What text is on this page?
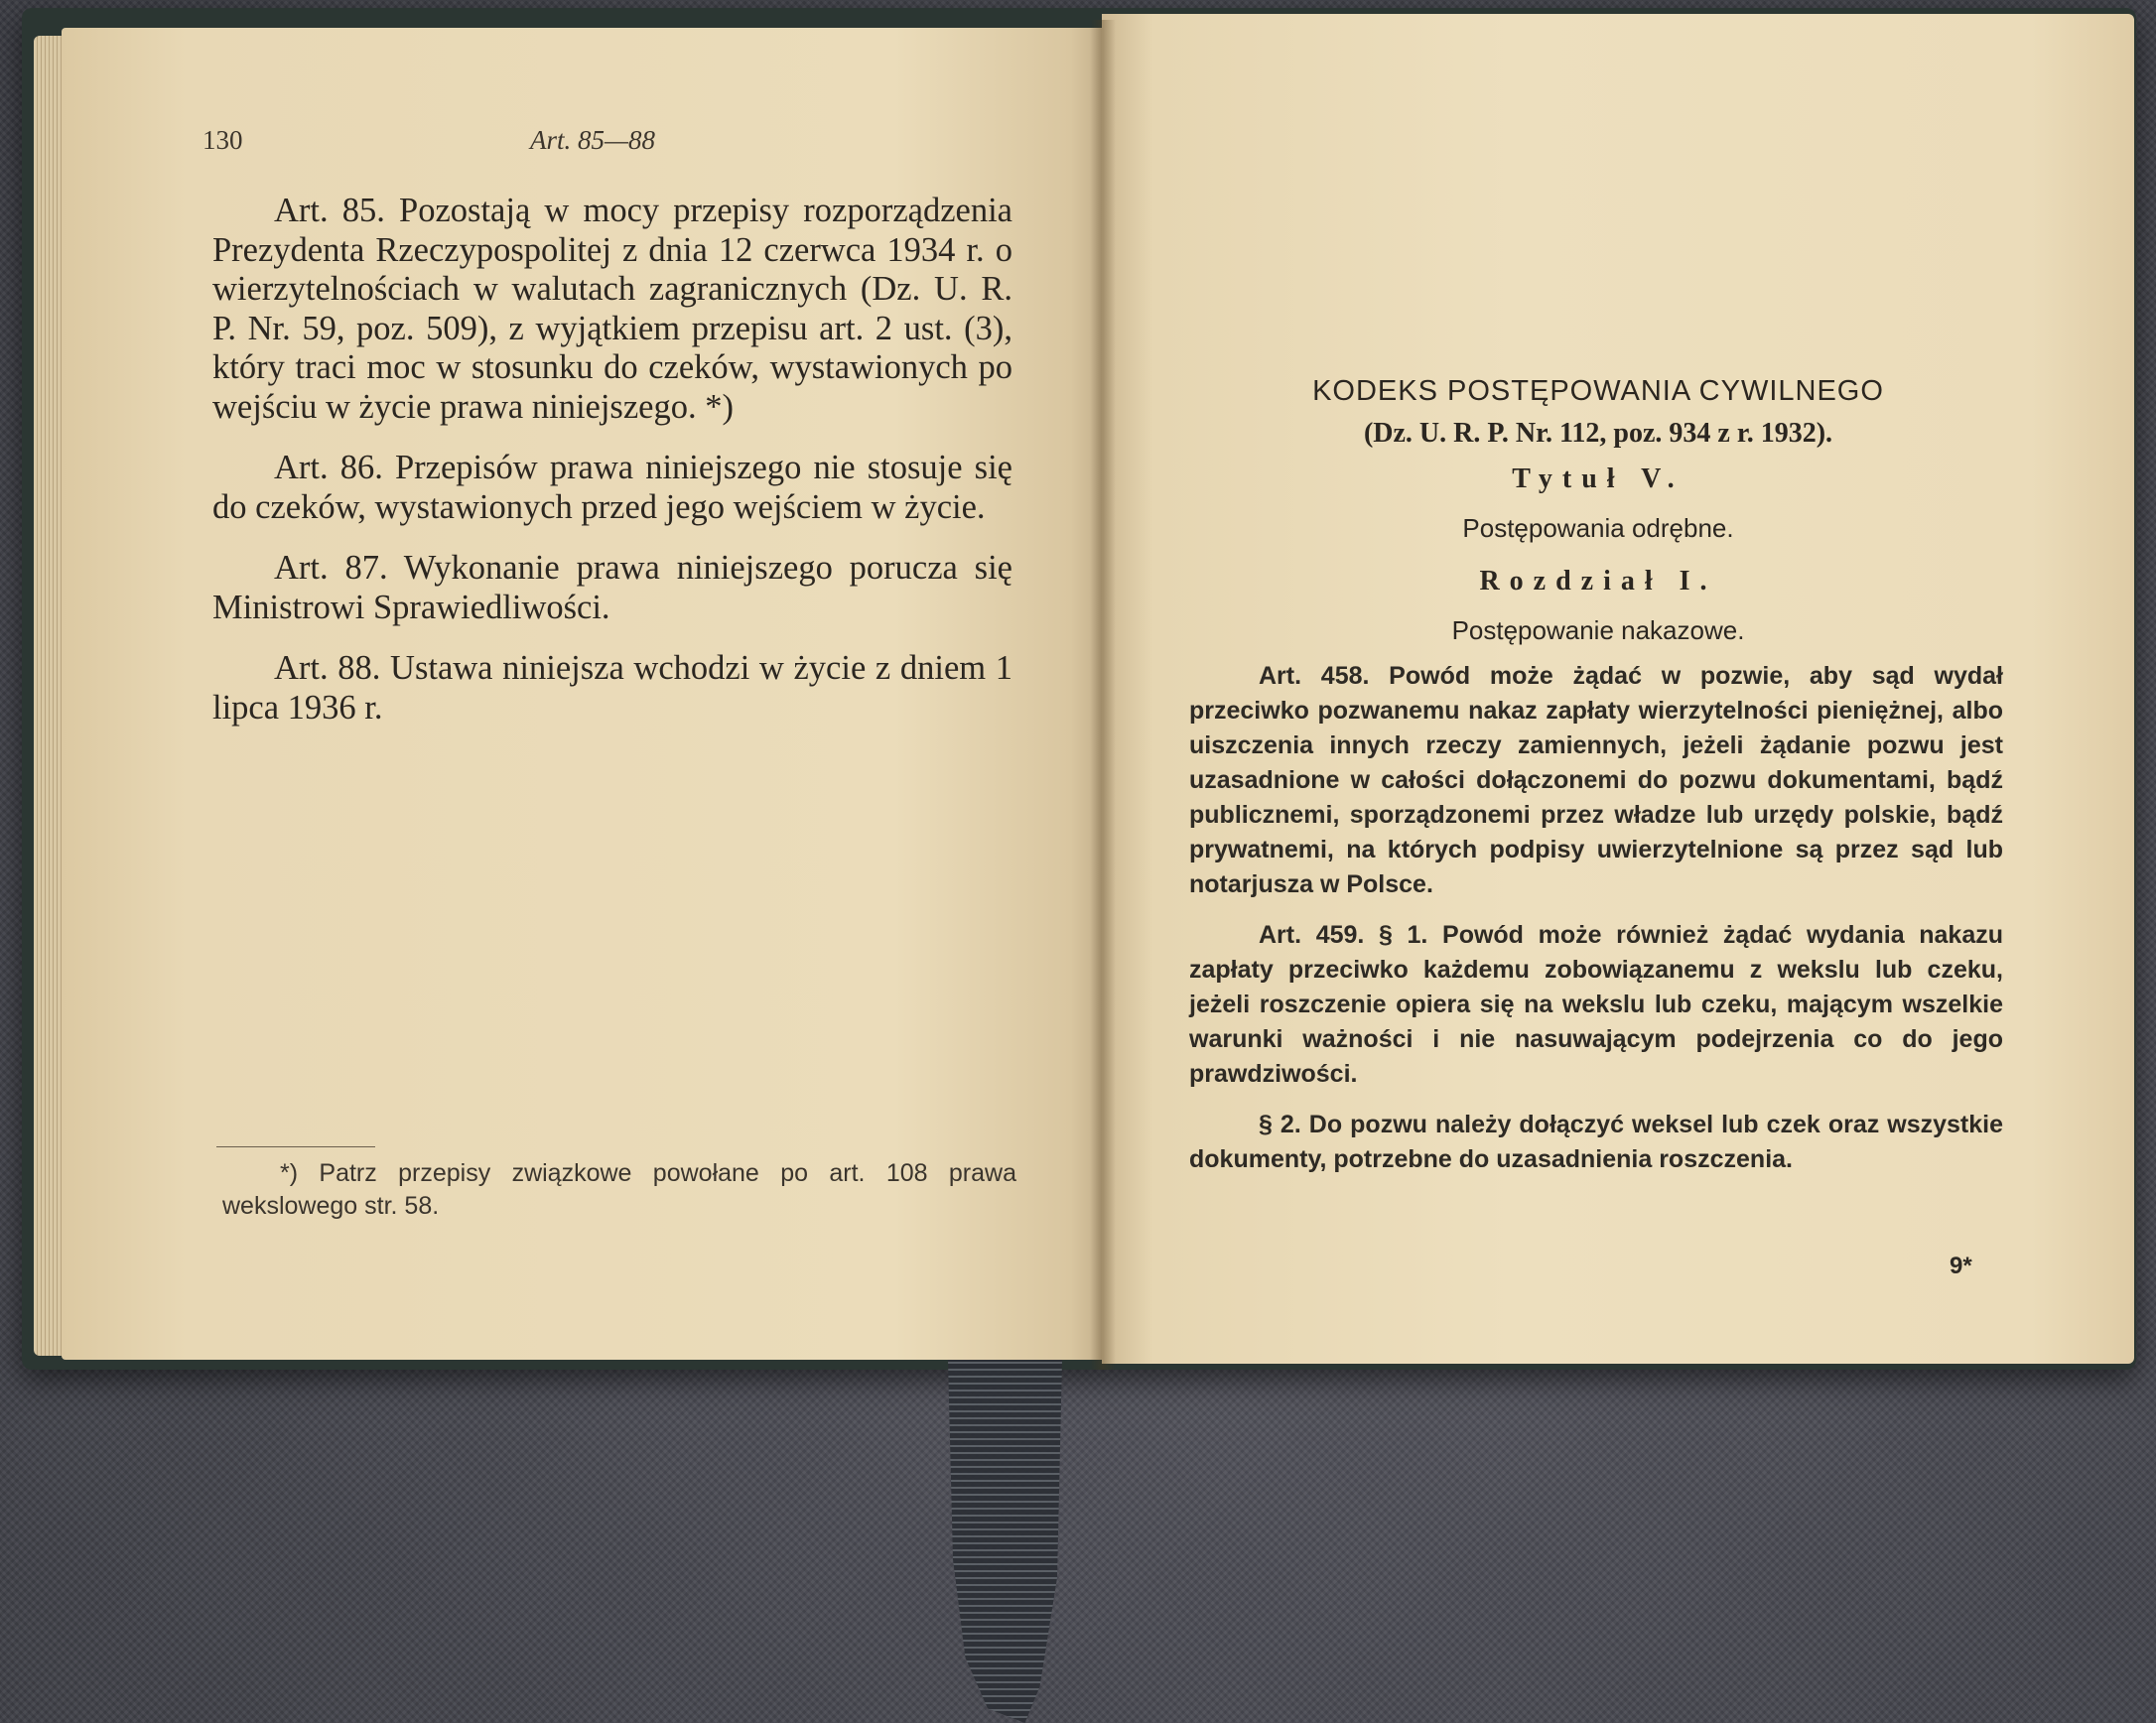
130	Art. 85—88

Art. 85. Pozostają w mocy przepisy rozporządzenia Prezydenta Rzeczypospolitej z dnia 12 czerwca 1934 r. o wierzytelnościach w walutach zagranicznych (Dz. U. R. P. Nr. 59, poz. 509), z wyjątkiem przepisu art. 2 ust. (3), który traci moc w stosunku do czeków, wystawionych po wejściu w życie prawa niniejszego. *)

Art. 86. Przepisów prawa niniejszego nie stosuje się do czeków, wystawionych przed jego wejściem w życie.

Art. 87. Wykonanie prawa niniejszego porucza się Ministrowi Sprawiedliwości.

Art. 88. Ustawa niniejsza wchodzi w życie z dniem 1 lipca 1936 r.

*) Patrz przepisy związkowe powołane po art. 108 prawa wekslowego str. 58.
KODEKS POSTĘPOWANIA CYWILNEGO
(Dz. U. R. P. Nr. 112, poz. 934 z r. 1932).
Tytuł V.
Postępowania odrębne.
Rozdział I.
Postępowanie nakazowe.

Art. 458. Powód może żądać w pozwie, aby sąd wydał przeciwko pozwanemu nakaz zapłaty wierzytelności pieniężnej, albo uiszczenia innych rzeczy zamiennych, jeżeli żądanie pozwu jest uzasadnione w całości dołączonemi do pozwu dokumentami, bądź publicznemi, sporządzonemi przez władze lub urzędy polskie, bądź prywatnemi, na których podpisy uwierzytelnione są przez sąd lub notarjusza w Polsce.

Art. 459. § 1. Powód może również żądać wydania nakazu zapłaty przeciwko każdemu zobowiązanemu z wekslu lub czeku, jeżeli roszczenie opiera się na wekslu lub czeku, mającym wszelkie warunki ważności i nie nasuwającym podejrzenia co do jego prawdziwości.

§ 2. Do pozwu należy dołączyć weksel lub czek oraz wszystkie dokumenty, potrzebne do uzasadnienia roszczenia.

9*
